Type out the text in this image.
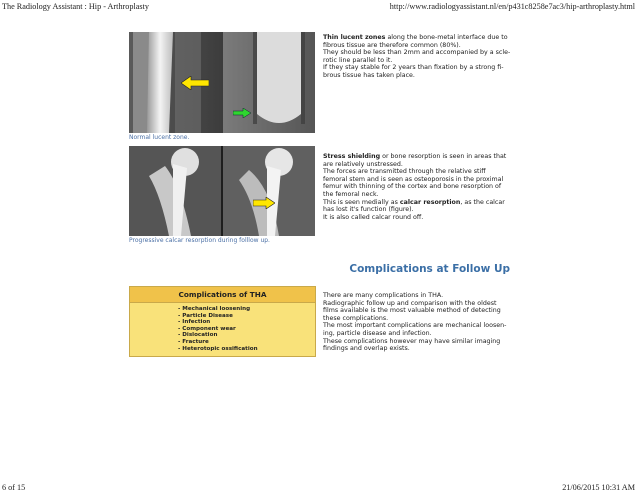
The Radiology Assistant : Hip - Arthroplasty	http://www.radiologyassistant.nl/en/p431c8258e7ac3/hip-arthroplasty.html
Normal lucent zone.
Progressive calcar resorption during folllow up.

Thin lucent zones along the bone-metal interface due to

fibrous tissue are therefore common (80%).

They should be less than 2mm and accompanied by a scle-

rotic line parallel to it.

If they stay stable for 2 years than fixation by a strong fi-

brous tissue has taken place.

Stress shielding or bone resorption is seen in areas that

are relatively unstressed.

The forces are transmitted through the relative stiff

femoral stem and is seen as osteoporosis in the proximal

femur with thinning of the cortex and bone resorption of

the femoral neck.

This is seen medially as calcar resorption, as the calcar

has lost it's function (figure).

It is also called calcar round off.

Complications at Follow Up
Complications of THA
- Mechanical loosening
- Particle Disease
- Infection
- Component wear
- Dislocation
- Fracture
- Heterotopic ossification

There are many complications in THA.

Radiographic follow up and comparison with the oldest

films available is the most valuable method of detecting

these complications.

The most important complications are mechanical loosen-

ing, particle disease and infection.

These complications however may have similar imaging

findings and overlap exists.

6 of 15	21/06/2015 10:31 AM
